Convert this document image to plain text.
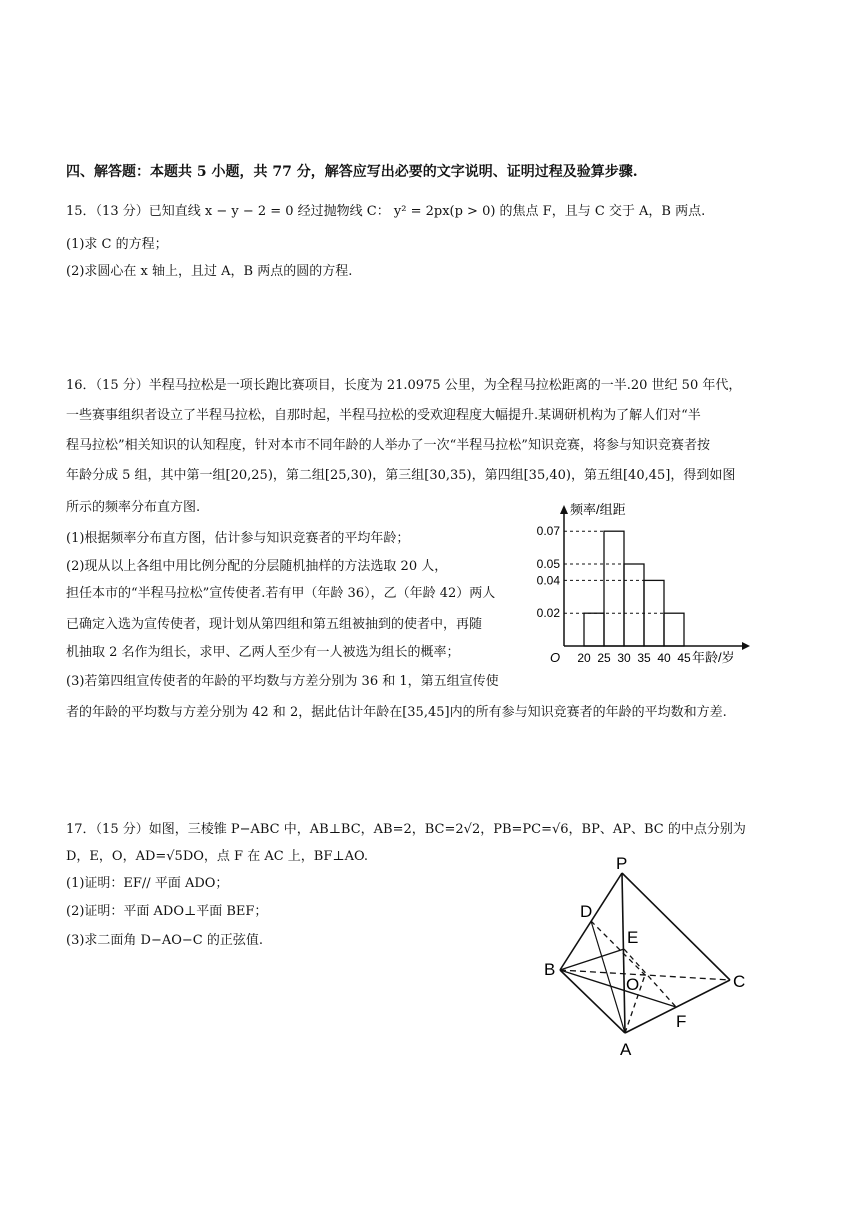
四、解答题：本题共 5 小题，共 77 分，解答应写出必要的文字说明、证明过程及验算步骤.
15．（13 分）已知直线 x − y − 2 = 0 经过抛物线 C： y² = 2px(p > 0) 的焦点 F，且与 C 交于 A，B 两点.
(1)求 C 的方程；
(2)求圆心在 x 轴上，且过 A，B 两点的圆的方程.
16．（15 分）半程马拉松是一项长跑比赛项目，长度为 21.0975 公里，为全程马拉松距离的一半.20 世纪 50 年代，
一些赛事组织者设立了半程马拉松，自那时起，半程马拉松的受欢迎程度大幅提升.某调研机构为了解人们对“半
程马拉松”相关知识的认知程度，针对本市不同年龄的人举办了一次“半程马拉松”知识竞赛，将参与知识竞赛者按
年龄分成 5 组，其中第一组[20,25)，第二组[25,30)，第三组[30,35)，第四组[35,40)，第五组[40,45]，得到如图
所示的频率分布直方图.
(1)根据频率分布直方图，估计参与知识竞赛者的平均年龄；
(2)现从以上各组中用比例分配的分层随机抽样的方法选取 20 人，
担任本市的“半程马拉松”宣传使者.若有甲（年龄 36），乙（年龄 42）两人
已确定入选为宣传使者，现计划从第四组和第五组被抽到的使者中，再随
机抽取 2 名作为组长，求甲、乙两人至少有一人被选为组长的概率；
(3)若第四组宣传使者的年龄的平均数与方差分别为 36 和 1，第五组宣传使
者的年龄的平均数与方差分别为 42 和 2，据此估计年龄在[35,45]内的所有参与知识竞赛者的年龄的平均数和方差.
0.02
0.04
0.05
0.07
20 25 30 35 40 45
O
频率/组距
年龄/岁
17．（15 分）如图，三棱锥 P−ABC 中，AB⊥BC，AB=2，BC=2√2，PB=PC=√6，BP、AP、BC 的中点分别为
D，E，O，AD=√5DO，点 F 在 AC 上，BF⊥AO.
(1)证明：EF// 平面 ADO；
(2)证明：平面 ADO⊥平面 BEF；
(3)求二面角 D−AO−C 的正弦值.
P
D
E
B
O	C
F
A
